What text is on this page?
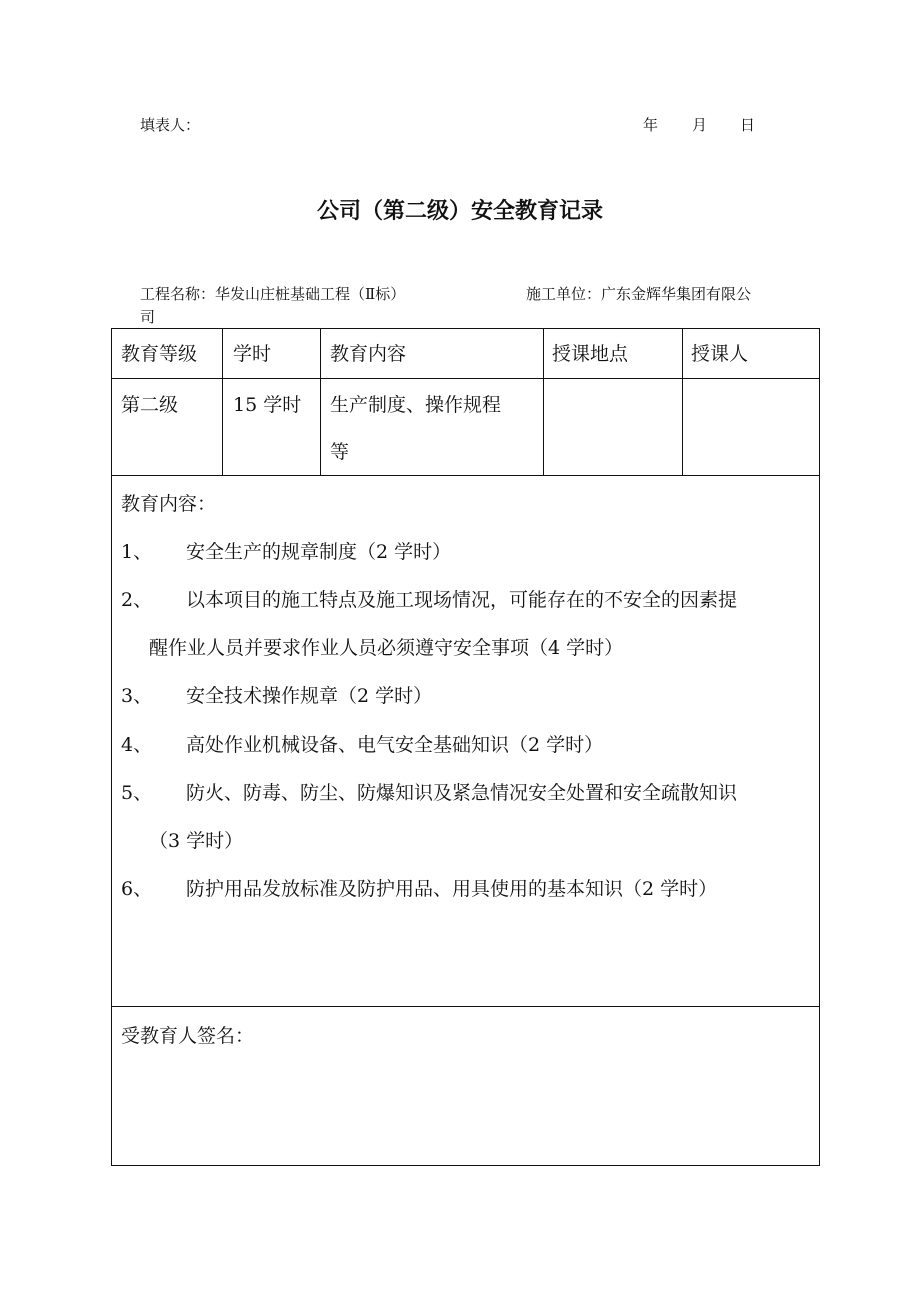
填表人：	年 月 日
公司（第二级）安全教育记录
工程名称：华发山庄桩基础工程（Ⅱ标）	施工单位：广东金辉华集团有限公
司
教育等级 学时	教育内容	授课地点	授课人
第二级	15 学时 生产制度、操作规程
等
教育内容：
1、 安全生产的规章制度（2 学时）
2、 以本项目的施工特点及施工现场情况，可能存在的不安全的因素提
醒作业人员并要求作业人员必须遵守安全事项（4 学时）
3、 安全技术操作规章（2 学时）
4、 高处作业机械设备、电气安全基础知识（2 学时）
5、 防火、防毒、防尘、防爆知识及紧急情况安全处置和安全疏散知识
（3 学时）
6、 防护用品发放标准及防护用品、用具使用的基本知识（2 学时）
受教育人签名：
